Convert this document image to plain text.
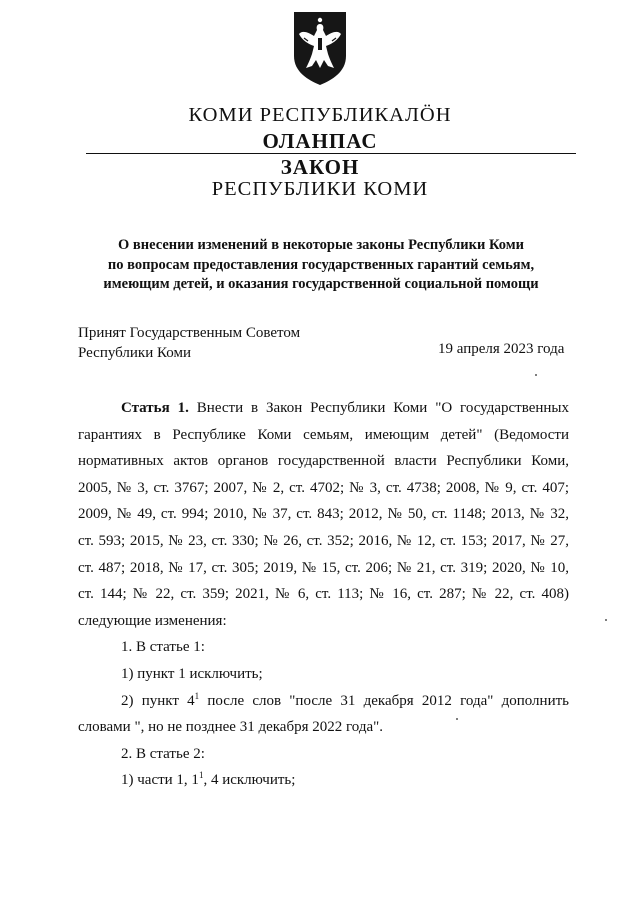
КОМИ РЕСПУБЛИКАЛӦН
ОЛАНПАС
ЗАКОН
РЕСПУБЛИКИ КОМИ
О внесении изменений в некоторые законы Республики Коми
по вопросам предоставления государственных гарантий семьям,
имеющим детей, и оказания государственной социальной помощи
Принят Государственным Советом
Республики Коми	19 апреля 2023 года
Статья 1. Внести в Закон Республики Коми "О государственных
гарантиях в Республике Коми семьям, имеющим детей" (Ведомости
нормативных актов органов государственной власти Республики Коми,
2005, № 3, ст. 3767; 2007, № 2, ст. 4702; № 3, ст. 4738; 2008, № 9, ст. 407;
2009, № 49, ст. 994; 2010, № 37, ст. 843; 2012, № 50, ст. 1148; 2013, № 32,
ст. 593; 2015, № 23, ст. 330; № 26, ст. 352; 2016, № 12, ст. 153; 2017, № 27,
ст. 487; 2018, № 17, ст. 305; 2019, № 15, ст. 206; № 21, ст. 319; 2020, № 10,
ст. 144; № 22, ст. 359; 2021, № 6, ст. 113; № 16, ст. 287; № 22, ст. 408)
следующие изменения:
1. В статье 1:
1) пункт 1 исключить;
2) пункт $4^1$ после слов "после 31 декабря 2012 года" дополнить
словами ", но не позднее 31 декабря 2022 года".
2. В статье 2:
1) части 1, $1^1$, 4 исключить;
